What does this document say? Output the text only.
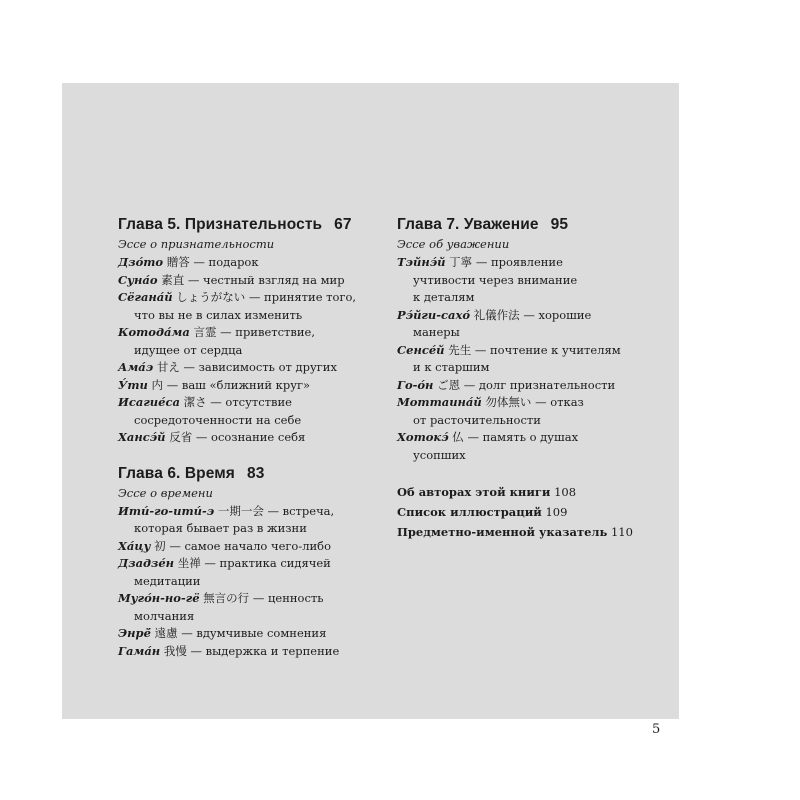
Глава 5. Признательность 67
Эссе о признательности
Дзо́то 贈答 — подарок
Суна́о 素直 — честный взгляд на мир
Сёгана́й しょうがない — принятие того,
что вы не в силах изменить
Котода́ма 言霊 — приветствие,
идущее от сердца
Ама́э 甘え — зависимость от других
У́ти 内 — ваш «ближний круг»
Исагие́са 潔さ — отсутствие
сосредоточенности на себе
Хансэ́й 反省 — осознание себя
Глава 6. Время 83
Эссе о времени
Ити́-го-ити́-э 一期一会 — встреча,
которая бывает раз в жизни
Ха́цу 初 — самое начало чего-либо
Дзадзе́н 坐禅 — практика сидячей
медитации
Муго́н-но-гё 無言の行 — ценность
молчания
Энрё́ 遠慮 — вдумчивые сомнения
Гама́н 我慢 — выдержка и терпение
Глава 7. Уважение 95
Эссе об уважении
Тэйнэ́й 丁寧 — проявление
учтивости через внимание
к деталям
Рэ́йги-сахо́ 礼儀作法 — хорошие
манеры
Сенсе́й 先生 — почтение к учителям
и к старшим
Го-о́н ご恩 — долг признательности
Моттаина́й 勿体無い — отказ
от расточительности
Хотокэ́ 仏 — память о душах
усопших
Об авторах этой книги 108
Список иллюстраций 109
Предметно-именной указатель 110
5
